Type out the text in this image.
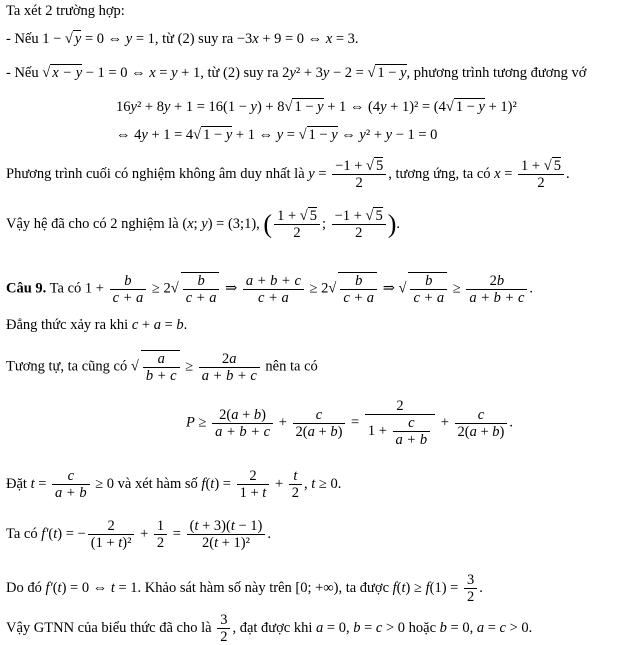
Ta xét 2 trường hợp:
- Nếu 1 − √ y = 0 ⇔ y = 1, từ (2) suy ra −3x + 9 = 0 ⇔ x = 3.
- Nếu √ x − y − 1 = 0 ⇔ x = y + 1, từ (2) suy ra 2y² + 3y − 2 = √ 1 − y, phương trình tương đương vớ
16y² + 8y + 1 = 16(1 − y) + 8√ 1 − y + 1 ⇔ (4y + 1)² = (4√ 1 − y + 1)²
⇔ 4y + 1 = 4√ 1 − y + 1 ⇔ y = √ 1 − y ⇔ y² + y − 1 = 0
Phương trình cuối có nghiệm không âm duy nhất là $y = \frac{-1 + √ 5}{2}$ , tương ứng, ta có $x = \frac{1 + √ 5}{2}$ .
Vậy hệ đã cho có 2 nghiệm là (x; y) = (3;1), ( $\frac{1 + √ 5}{2}$ ; $\frac{-1 + √ 5}{2}$ ).
Câu 9. Ta có $1 + \frac{b}{c + a} \ge 2√ \frac{b}{c + a}$ ⇒ $\frac{a + b + c}{c + a} \ge 2√ \frac{b}{c + a}$ ⇒ √ $\frac{b}{c + a} \ge \frac{2b}{a + b + c}$ .
Đẳng thức xảy ra khi c + a = b.
Tương tự, ta cũng có √ $\frac{a}{b + c} \ge \frac{2a}{a + b + c}$ nên ta có
$P \ge \frac{2(a + b)}{a + b + c} + \frac{c}{2(a + b)} = \frac{2}{1 + \frac{c}{a + b}} + \frac{c}{2(a + b)}$ .
Đặt $t = \frac{c}{a + b} \ge 0$ và xét hàm số $f(t) = \frac{2}{1 + t} + \frac{t}{2}$ , t ≥ 0.
Ta có f′(t) = − $\frac{2}{\text{(1 + t)²}} + \frac{1}{2} = \frac{(t + 3)(t - 1)}{\text{2(t + 1)²}}$ .
Do đó f′(t) = 0 ⇔ t = 1. Khảo sát hàm số này trên [0; +∞), ta được $f(t) \ge f(1) = \frac{3}{2}$ .
Vậy GTNN của biểu thức đã cho là $\frac{3}{2}$ , đạt được khi a = 0, b = c > 0 hoặc b = 0, a = c > 0.
